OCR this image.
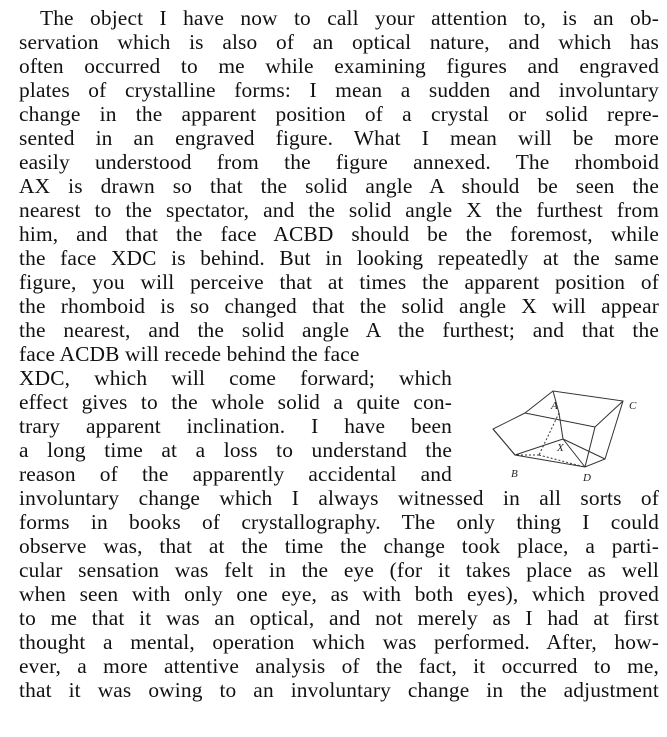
The object I have now to call your attention to, is an ob-
servation which is also of an optical nature, and which has
often occurred to me while examining figures and engraved
plates of crystalline forms: I mean a sudden and involuntary
change in the apparent position of a crystal or solid repre-
sented in an engraved figure. What I mean will be more
easily understood from the figure annexed. The rhomboid
AX is drawn so that the solid angle A should be seen the
nearest to the spectator, and the solid angle X the furthest from
him, and that the face ACBD should be the foremost, while
the face XDC is behind. But in looking repeatedly at the same
figure, you will perceive that at times the apparent position of
the rhomboid is so changed that the solid angle X will appear
the nearest, and the solid angle A the furthest; and that the
face ACDB will recede behind the face
XDC, which will come forward; which
effect gives to the whole solid a quite con-
trary apparent inclination. I have been
a long time at a loss to understand the
reason of the apparently accidental and
involuntary change which I always witnessed in all sorts of
forms in books of crystallography. The only thing I could
observe was, that at the time the change took place, a parti-
cular sensation was felt in the eye (for it takes place as well
when seen with only one eye, as with both eyes), which proved
to me that it was an optical, and not merely as I had at first
thought a mental, operation which was performed. After, how-
ever, a more attentive analysis of the fact, it occurred to me,
that it was owing to an involuntary change in the adjustment
A	C
X
B	D
